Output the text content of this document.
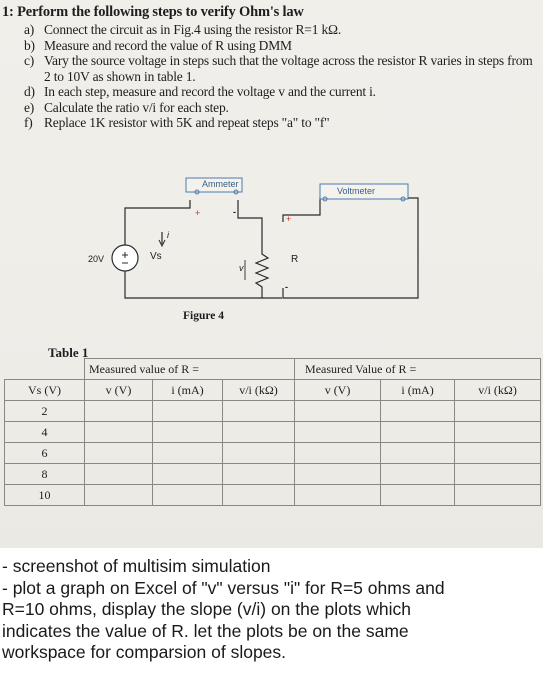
1: Perform the following steps to verify Ohm's law
a) Connect the circuit as in Fig.4 using the resistor R=1 kΩ.
b) Measure and record the value of R using DMM
c) Vary the source voltage in steps such that the voltage across the resistor R varies in steps from 2 to 10V as shown in table 1.
d) In each step, measure and record the voltage v and the current i.
e) Calculate the ratio v/i for each step.
f) Replace 1K resistor with 5K and repeat steps "a" to "f"
Ammeter
Voltmeter
20V	Vs	R
i
v
+	-
+
-
Figure 4
Table 1
	Measured value of R =			Measured Value of R =		
Vs (V)	v (V)	i (mA)	v/i (kΩ)	v (V)	i (mA)	v/i (kΩ)
2						
4						
6						
8						
10						
- screenshot of multisim simulation
- plot a graph on Excel of "v" versus "i" for R=5 ohms and
R=10 ohms, display the slope (v/i) on the plots which
indicates the value of R. let the plots be on the same
workspace for comparsion of slopes.
